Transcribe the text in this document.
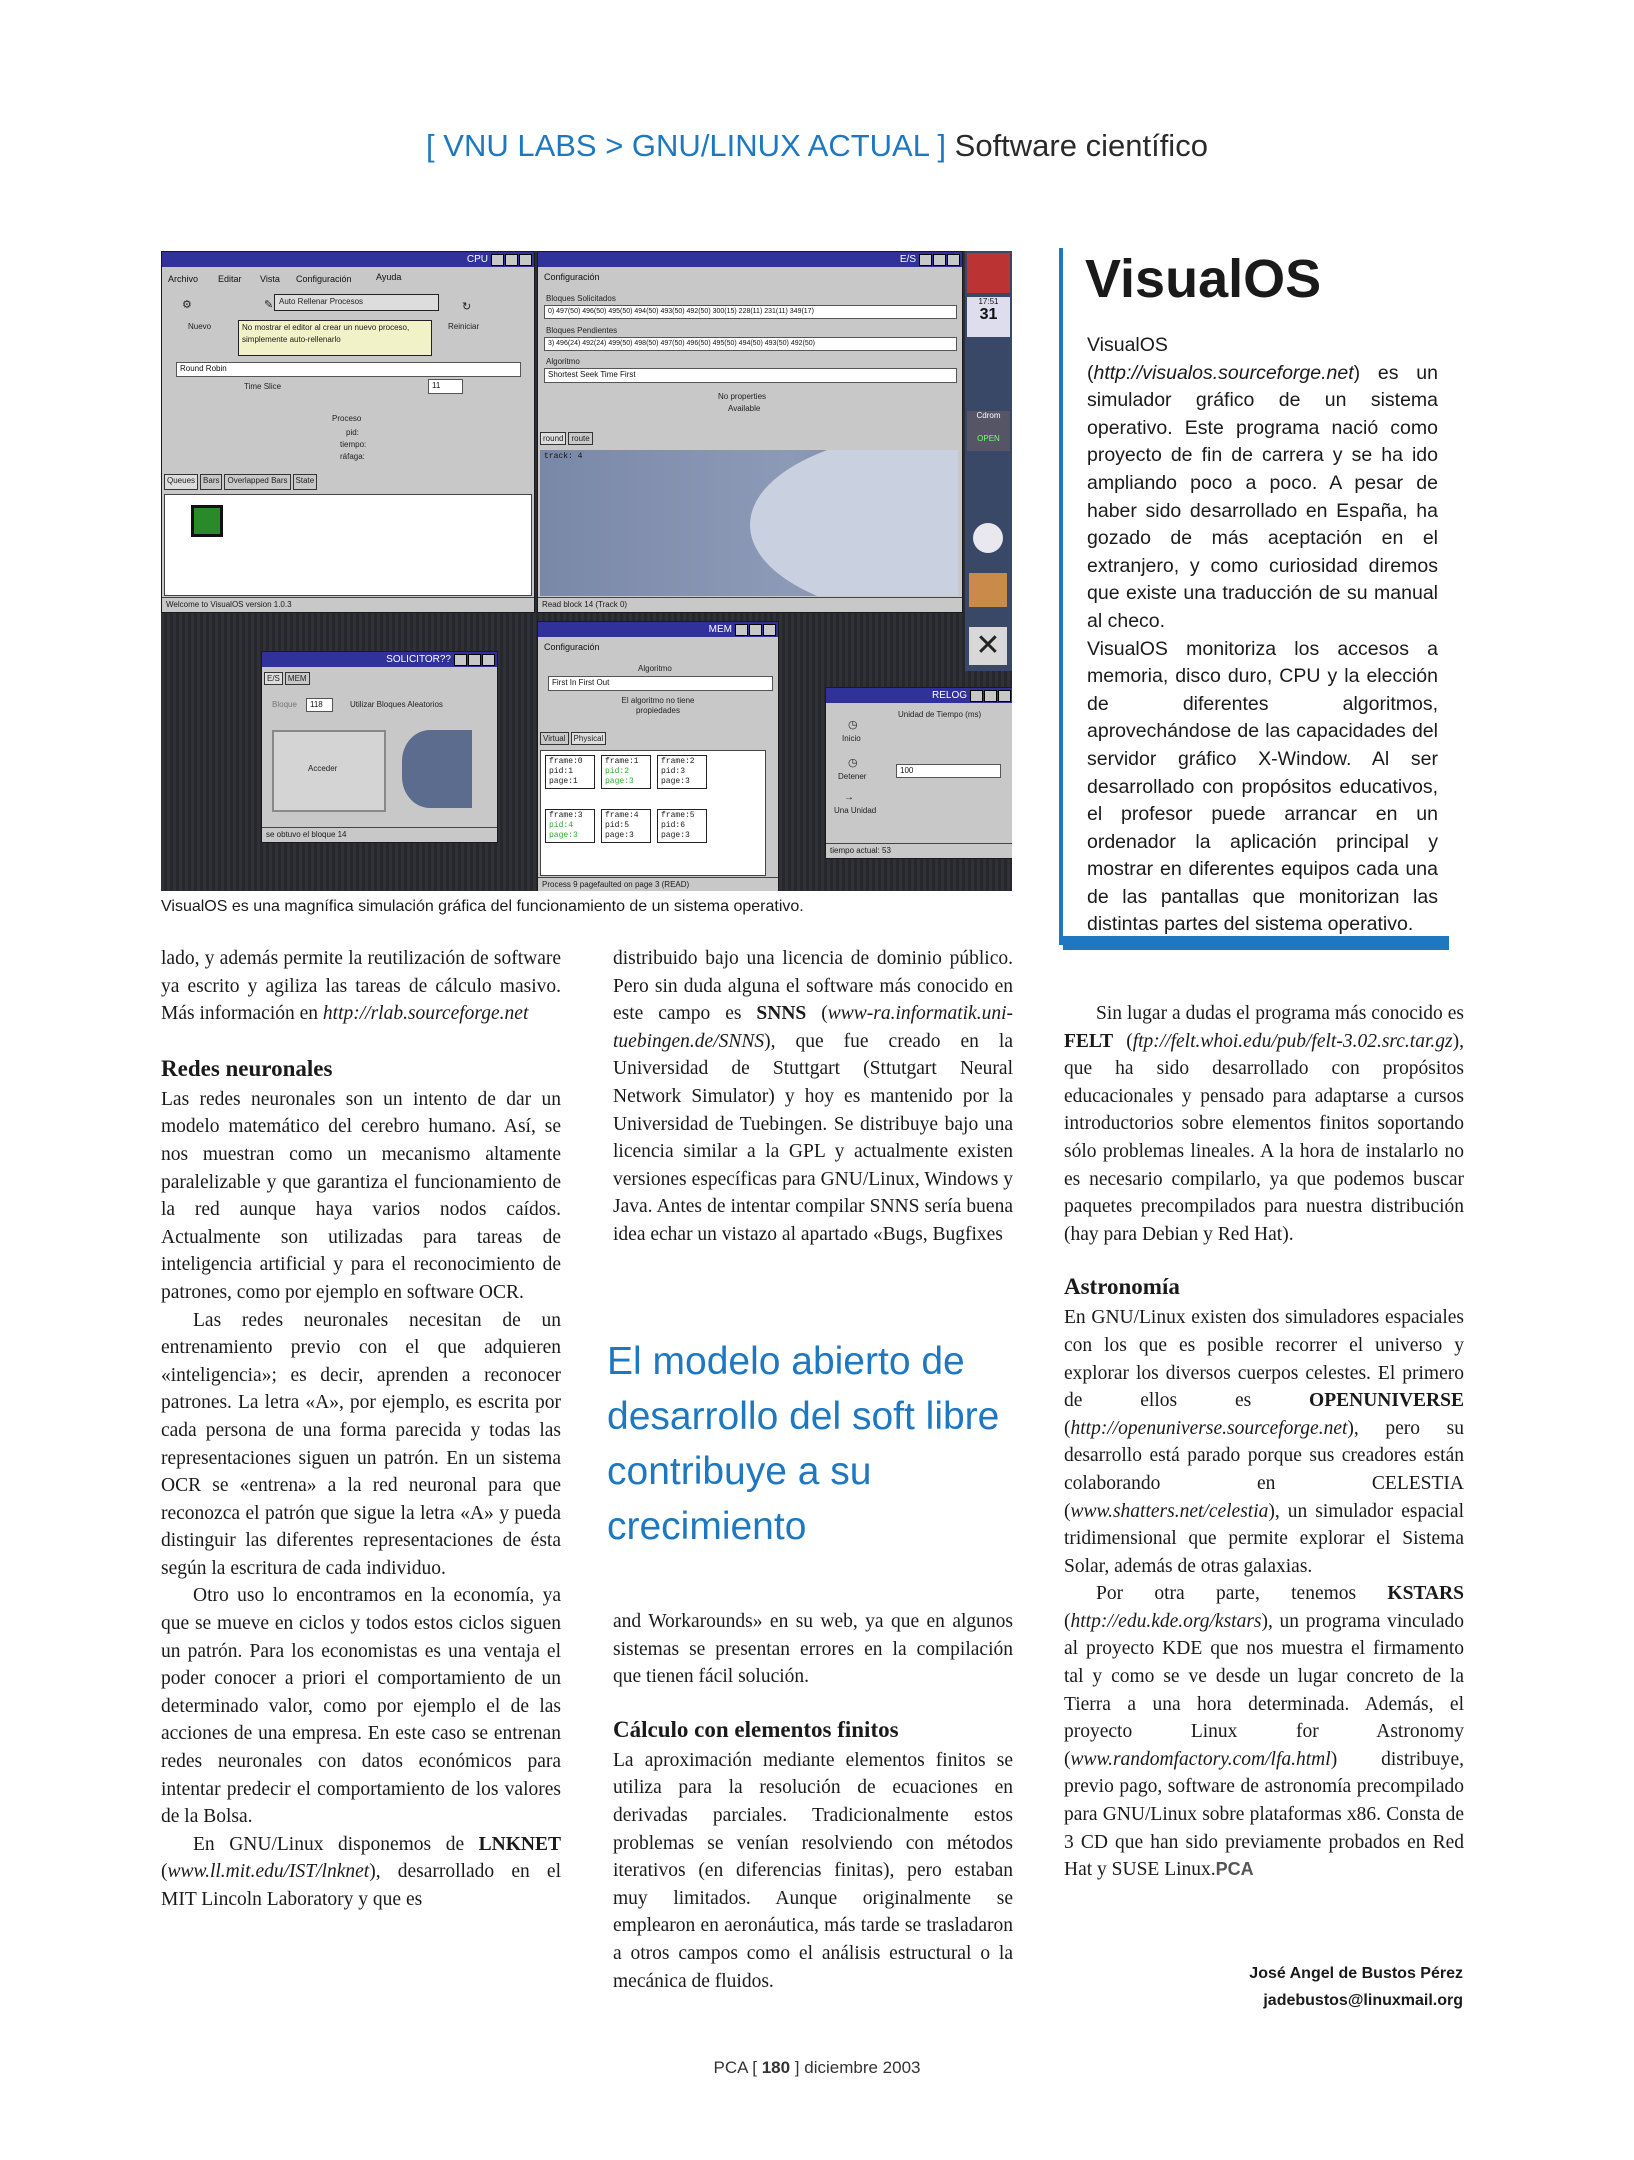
[ VNU LABS > GNU/LINUX ACTUAL ] Software científico
CPU
Archivo Editar Vista Configuración	Ayuda
⚙
Nuevo
✎ Auto Rellenar Procesos
No mostrar el editor al crear un nuevo proceso, simplemente auto-rellenarlo
↻
Reiniciar
Round Robin
Time Slice	11
Proceso
pid:
tiempo:
ráfaga:
Queues	Bars	Overlapped Bars	State
Welcome to VisualOS version 1.0.3
E/S
Configuración
Bloques Solicitados
0) 497(50) 496(50) 495(50) 494(50) 493(50) 492(50) 300(15) 228(11) 231(11) 349(17)
Bloques Pendientes
3) 496(24) 492(24) 499(50) 498(50) 497(50) 496(50) 495(50) 494(50) 493(50) 492(50)
Algoritmo
Shortest Seek Time First
No properties
Available
round	route
track: 4
Read block 14 (Track 0)
17:51
31
Cdrom
OPEN
✕
SOLICITOR??
E/S	MEM
Bloque	118	Utilizar Bloques Aleatorios
Acceder
se obtuvo el bloque 14
MEM
Configuración
Algoritmo
First In First Out
El algoritmo no tiene propiedades
Virtual	Physical
frame:0
pid:1
page:1
frame:1
pid:2
page:3
frame:2
pid:3
page:3
frame:3
pid:4
page:3
frame:4
pid:5
page:3
frame:5
pid:6
page:3
Process 9 pagefaulted on page 3 (READ)
RELOG
Unidad de Tiempo (ms)
100
◷
Inicio
◷
Detener
→
Una Unidad
tiempo actual: 53
VisualOS es una magnífica simulación gráfica del funcionamiento de un sistema operativo.
VisualOS
VisualOS (http://visualos.sourceforge.net) es un simulador gráfico de un sistema operativo. Este programa nació como proyecto de fin de carrera y se ha ido ampliando poco a poco. A pesar de haber sido desarrollado en España, ha gozado de más aceptación en el extranjero, y como curiosidad diremos que existe una traducción de su manual al checo.
VisualOS monitoriza los accesos a memoria, disco duro, CPU y la elección de diferentes algoritmos, aprovechándose de las capacidades del servidor gráfico X-Window. Al ser desarrollado con propósitos educativos, el profesor puede arrancar en un ordenador la aplicación principal y mostrar en diferentes equipos cada una de las pantallas que monitorizan las distintas partes del sistema operativo.

lado, y además permite la reutilización de software ya escrito y agiliza las tareas de cálculo masivo. Más información en http://rlab.sourceforge.net

Redes neuronales

Las redes neuronales son un intento de dar un modelo matemático del cerebro humano. Así, se nos muestran como un mecanismo altamente paralelizable y que garantiza el funcionamiento de la red aunque haya varios nodos caídos. Actualmente son utilizadas para tareas de inteligencia artificial y para el reconocimiento de patrones, como por ejemplo en software OCR.

Las redes neuronales necesitan de un entrenamiento previo con el que adquieren «inteligencia»; es decir, aprenden a reconocer patrones. La letra «A», por ejemplo, es escrita por cada persona de una forma parecida y todas las representaciones siguen un patrón. En un sistema OCR se «entrena» a la red neuronal para que reconozca el patrón que sigue la letra «A» y pueda distinguir las diferentes representaciones de ésta según la escritura de cada individuo.

Otro uso lo encontramos en la economía, ya que se mueve en ciclos y todos estos ciclos siguen un patrón. Para los economistas es una ventaja el poder conocer a priori el comportamiento de un determinado valor, como por ejemplo el de las acciones de una empresa. En este caso se entrenan redes neuronales con datos económicos para intentar predecir el comportamiento de los valores de la Bolsa.

En GNU/Linux disponemos de LNKNET (www.ll.mit.edu/IST/lnknet), desarrollado en el MIT Lincoln Laboratory y que es

distribuido bajo una licencia de dominio público. Pero sin duda alguna el software más conocido en este campo es SNNS (www-ra.informatik.uni-tuebingen.de/SNNS), que fue creado en la Universidad de Stuttgart (Sttutgart Neural Network Simulator) y hoy es mantenido por la Universidad de Tuebingen. Se distribuye bajo una licencia similar a la GPL y actualmente existen versiones específicas para GNU/Linux, Windows y Java. Antes de intentar compilar SNNS sería buena idea echar un vistazo al apartado «Bugs, Bugfixes

El modelo abierto de desarrollo del soft libre contribuye a su crecimiento

and Workarounds» en su web, ya que en algunos sistemas se presentan errores en la compilación que tienen fácil solución.

Cálculo con elementos finitos

La aproximación mediante elementos finitos se utiliza para la resolución de ecuaciones en derivadas parciales. Tradicionalmente estos problemas se venían resolviendo con métodos iterativos (en diferencias finitas), pero estaban muy limitados. Aunque originalmente se emplearon en aeronáutica, más tarde se trasladaron a otros campos como el análisis estructural o la mecánica de fluidos.

Sin lugar a dudas el programa más conocido es FELT (ftp://felt.whoi.edu/pub/felt-3.02.src.tar.gz), que ha sido desarrollado con propósitos educacionales y pensado para adaptarse a cursos introductorios sobre elementos finitos soportando sólo problemas lineales. A la hora de instalarlo no es necesario compilarlo, ya que podemos buscar paquetes precompilados para nuestra distribución (hay para Debian y Red Hat).

Astronomía

En GNU/Linux existen dos simuladores espaciales con los que es posible recorrer el universo y explorar los diversos cuerpos celestes. El primero de ellos es	OPENUNIVERSE (http://openuniverse.sourceforge.net), pero su desarrollo está parado porque sus creadores están colaborando en CELESTIA (www.shatters.net/celestia), un simulador espacial tridimensional que permite explorar el Sistema Solar, además de otras galaxias.

Por otra parte, tenemos KSTARS (http://edu.kde.org/kstars), un programa vinculado al proyecto KDE que nos muestra el firmamento tal y como se ve desde un lugar concreto de la Tierra a una hora determinada. Además, el proyecto Linux for Astronomy (www.randomfactory.com/lfa.html) distribuye, previo pago, software de astronomía precompilado para GNU/Linux sobre plataformas x86. Consta de 3 CD que han sido previamente probados en Red Hat y SUSE Linux.PCA

José Angel de Bustos Pérez
jadebustos@linuxmail.org
PCA [ 180 ] diciembre 2003
